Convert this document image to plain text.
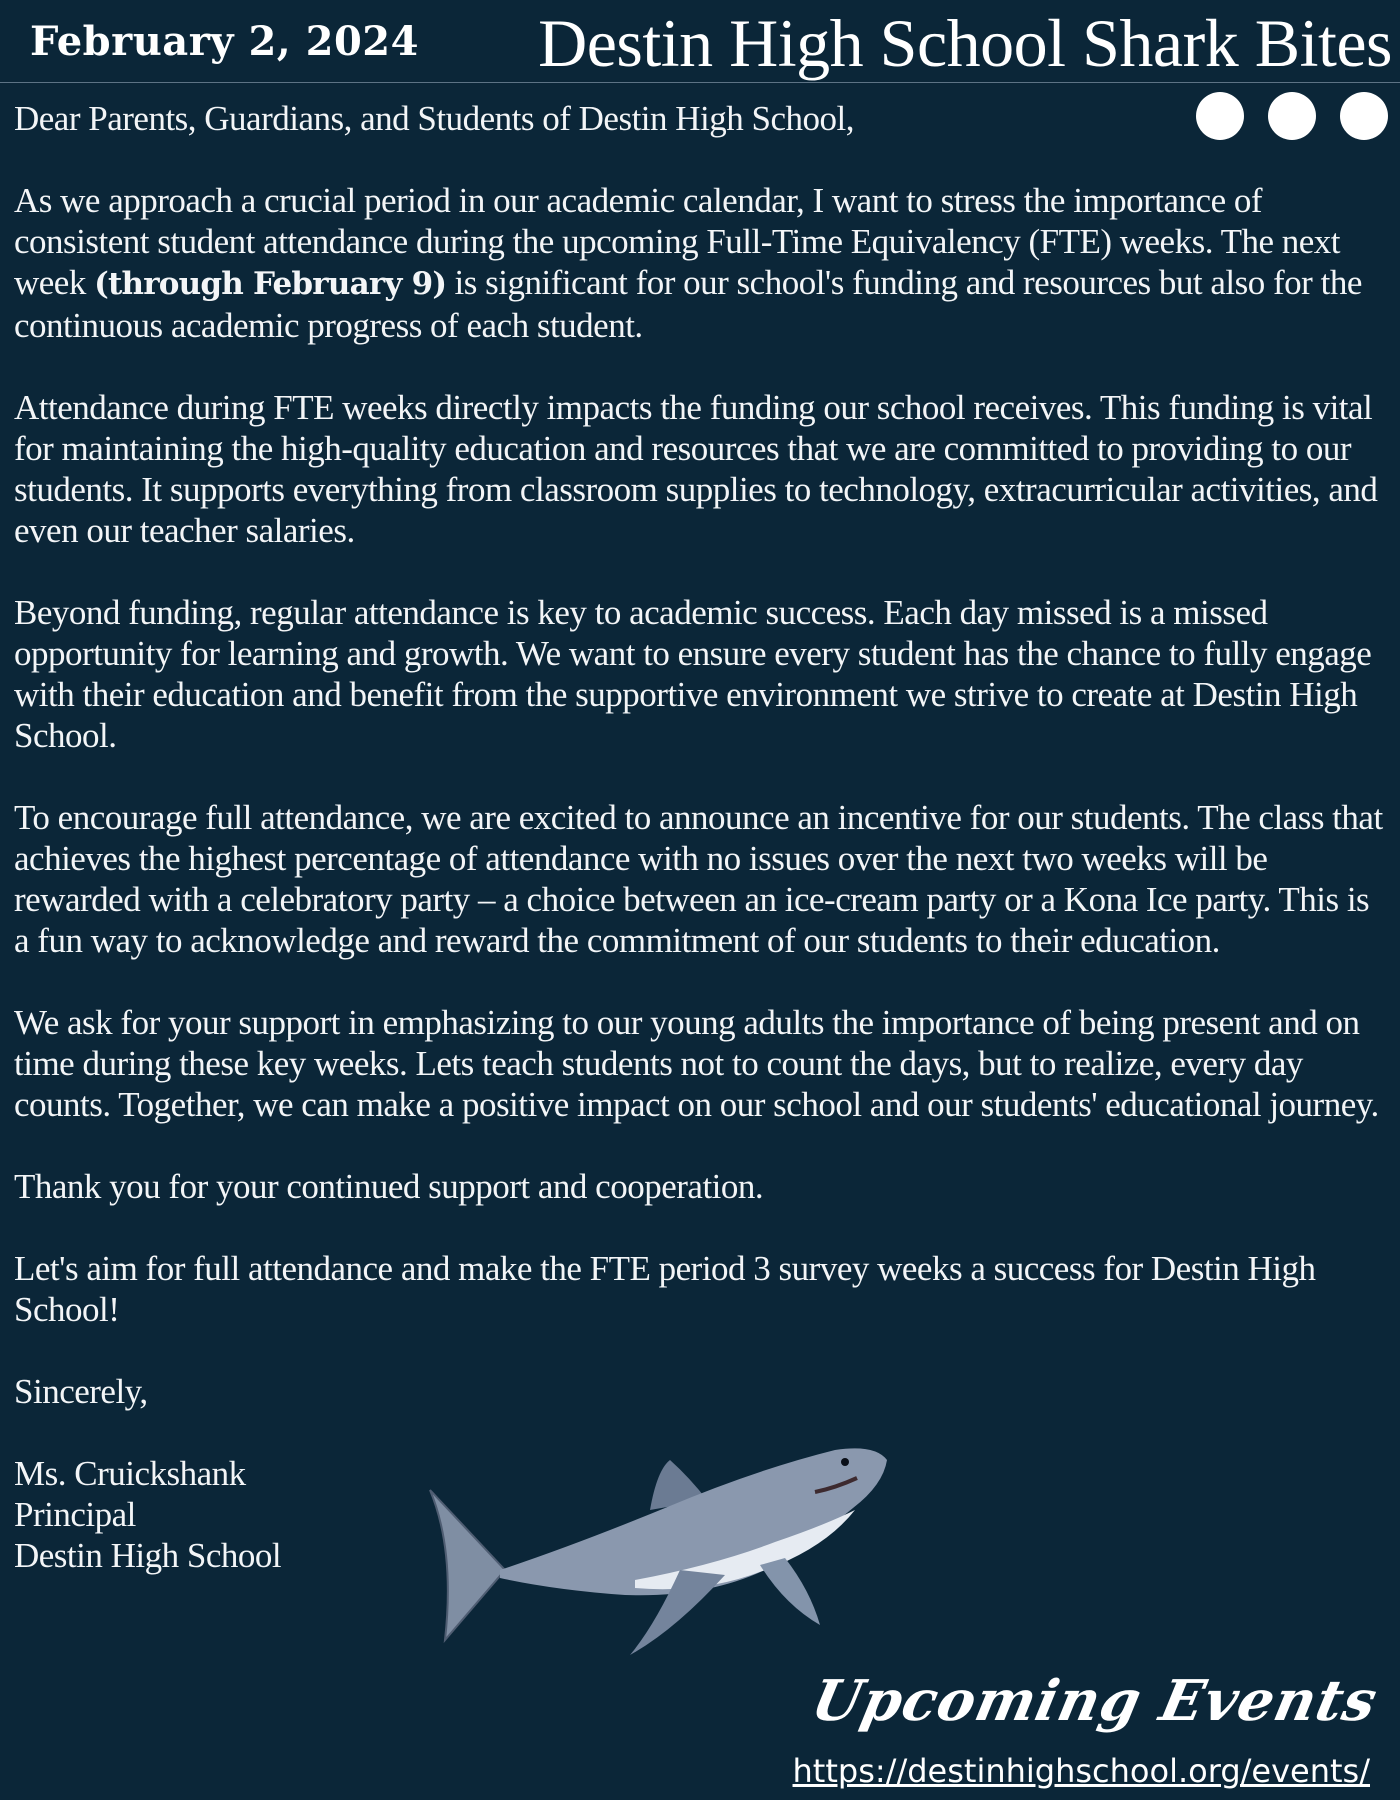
February 2, 2024 Destin High School Shark Bites

Dear Parents, Guardians, and Students of Destin High School,

As we approach a crucial period in our academic calendar, I want to stress the importance of consistent student attendance during the upcoming Full-Time Equivalency (FTE) weeks. The next week (through February 9) is significant for our school's funding and resources but also for the continuous academic progress of each student.

Attendance during FTE weeks directly impacts the funding our school receives. This funding is vital for maintaining the high-quality education and resources that we are committed to providing to our students. It supports everything from classroom supplies to technology, extracurricular activities, and even our teacher salaries.

Beyond funding, regular attendance is key to academic success. Each day missed is a missed opportunity for learning and growth. We want to ensure every student has the chance to fully engage with their education and benefit from the supportive environment we strive to create at Destin High School.

To encourage full attendance, we are excited to announce an incentive for our students. The class that achieves the highest percentage of attendance with no issues over the next two weeks will be rewarded with a celebratory party – a choice between an ice-cream party or a Kona Ice party. This is a fun way to acknowledge and reward the commitment of our students to their education.

We ask for your support in emphasizing to our young adults the importance of being present and on time during these key weeks. Lets teach students not to count the days, but to realize, every day counts. Together, we can make a positive impact on our school and our students' educational journey.

Thank you for your continued support and cooperation.

Let's aim for full attendance and make the FTE period 3 survey weeks a success for Destin High School!

Sincerely,

Ms. Cruickshank
Principal
Destin High School
Upcoming Events
https://destinhighschool.org/events/
